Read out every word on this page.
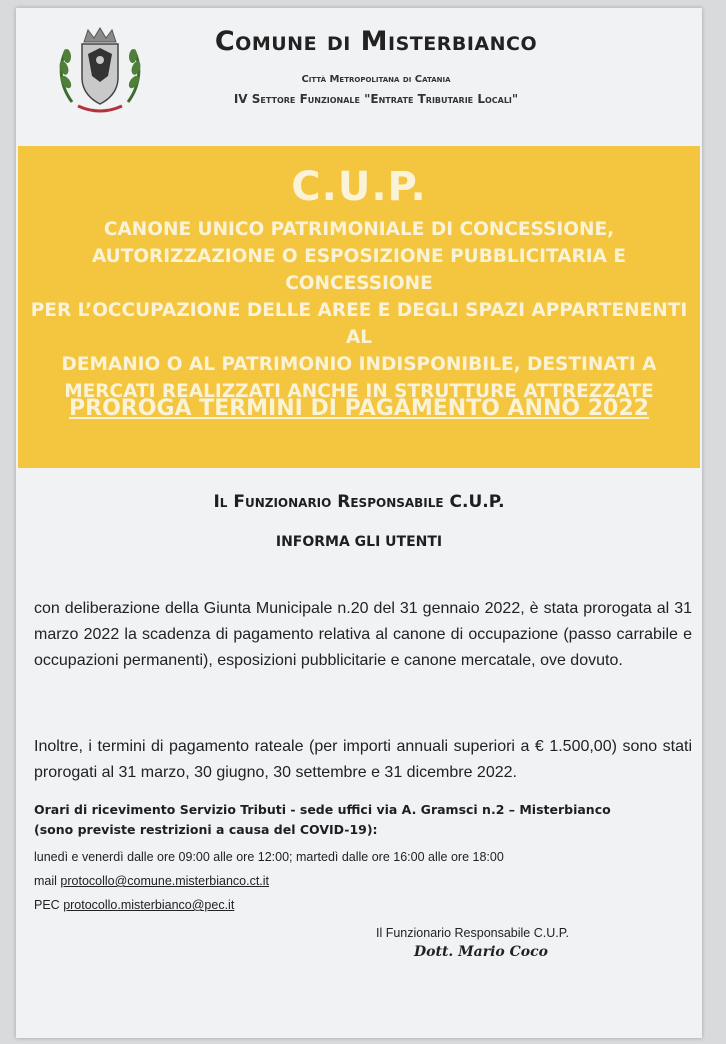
Comune di Misterbianco
Città Metropolitana di Catania
IV Settore Funzionale "Entrate Tributarie Locali"
C.U.P.
CANONE UNICO PATRIMONIALE DI CONCESSIONE,
AUTORIZZAZIONE O ESPOSIZIONE PUBBLICITARIA E CONCESSIONE
PER L’OCCUPAZIONE DELLE AREE E DEGLI SPAZI APPARTENENTI AL
DEMANIO O AL PATRIMONIO INDISPONIBILE, DESTINATI A
MERCATI REALIZZATI ANCHE IN STRUTTURE ATTREZZATE
PROROGA TERMINI DI PAGAMENTO ANNO 2022
Il Funzionario Responsabile C.U.P.
INFORMA GLI UTENTI
con deliberazione della Giunta Municipale n.20 del 31 gennaio 2022, è stata prorogata al 31 marzo 2022 la scadenza di pagamento relativa al canone di occupazione (passo carrabile e occupazioni permanenti), esposizioni pubblicitarie e canone mercatale, ove dovuto.
Inoltre, i termini di pagamento rateale (per importi annuali superiori a € 1.500,00) sono stati prorogati al 31 marzo, 30 giugno, 30 settembre e 31 dicembre 2022.
Orari di ricevimento Servizio Tributi - sede uffici via A. Gramsci n.2 – Misterbianco
(sono previste restrizioni a causa del COVID-19):
lunedì e venerdì dalle ore 09:00 alle ore 12:00; martedì dalle ore 16:00 alle ore 18:00
mail protocollo@comune.misterbianco.ct.it
PEC protocollo.misterbianco@pec.it
Il Funzionario Responsabile C.U.P.
Dott. Mario Coco
